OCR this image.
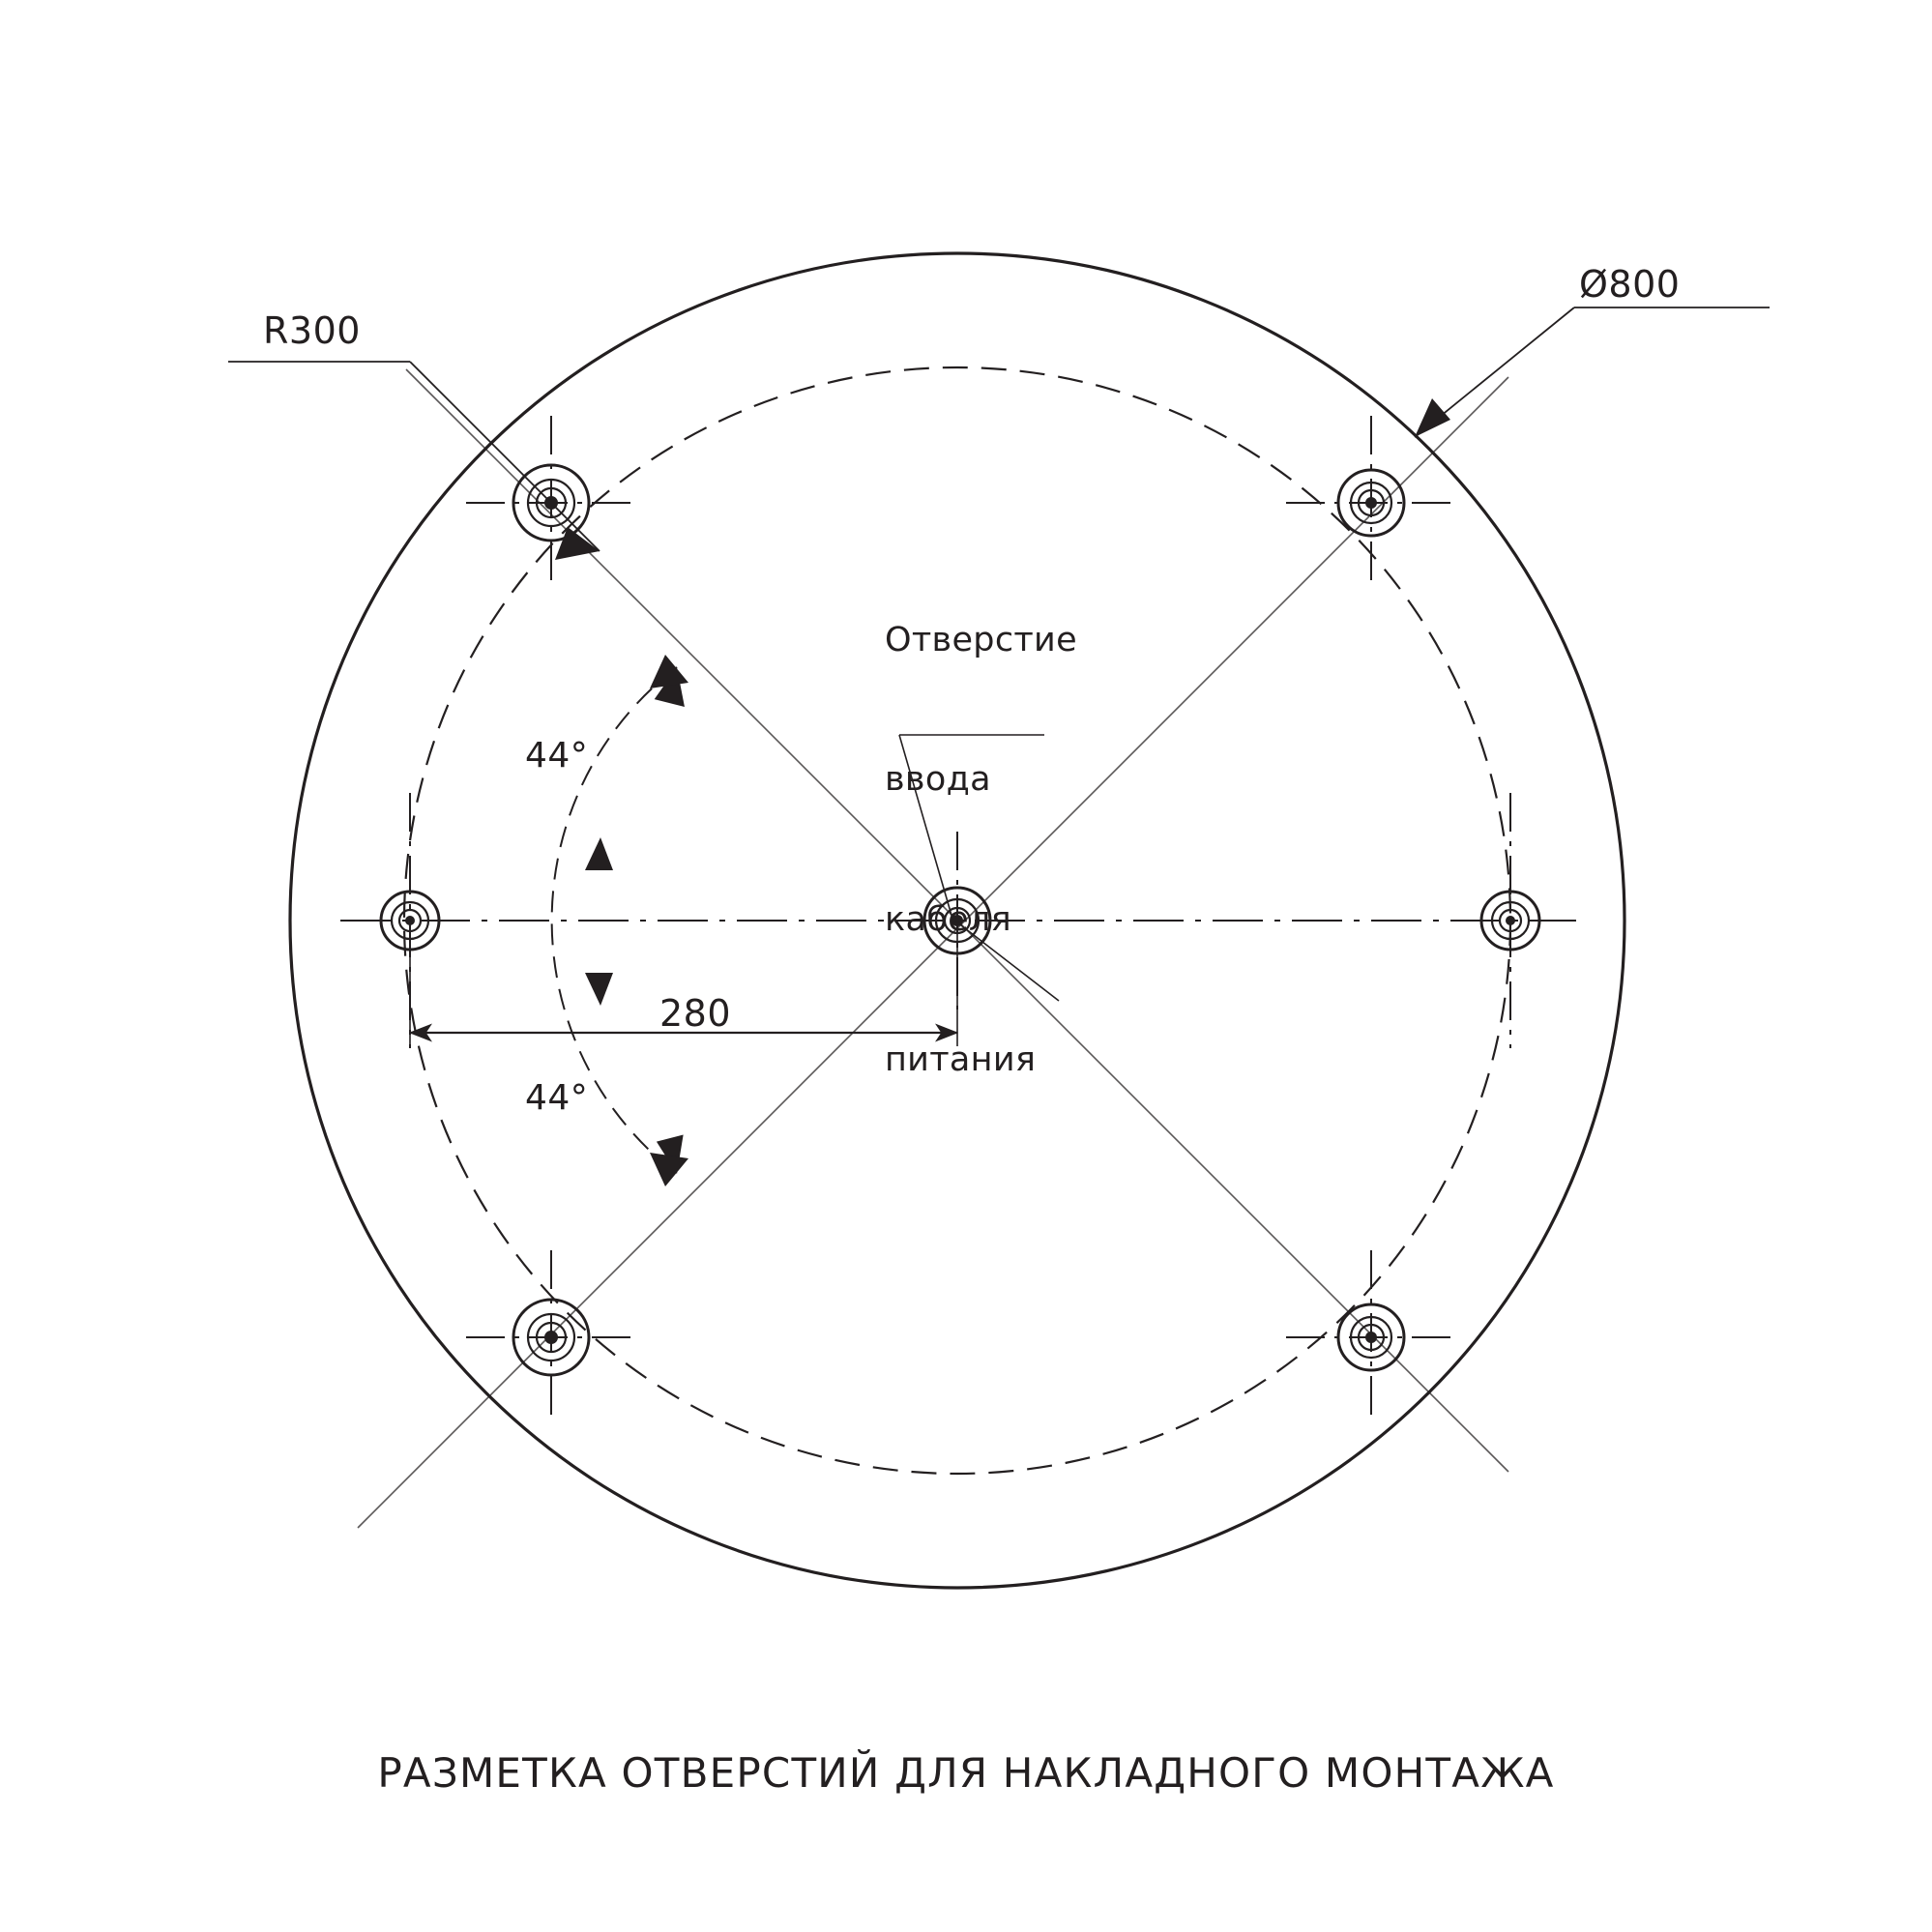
R300
Ø800
44°
44°
280

Отверстие

ввода

кабеля

питания

РАЗМЕТКА ОТВЕРСТИЙ ДЛЯ НАКЛАДНОГО МОНТАЖА
